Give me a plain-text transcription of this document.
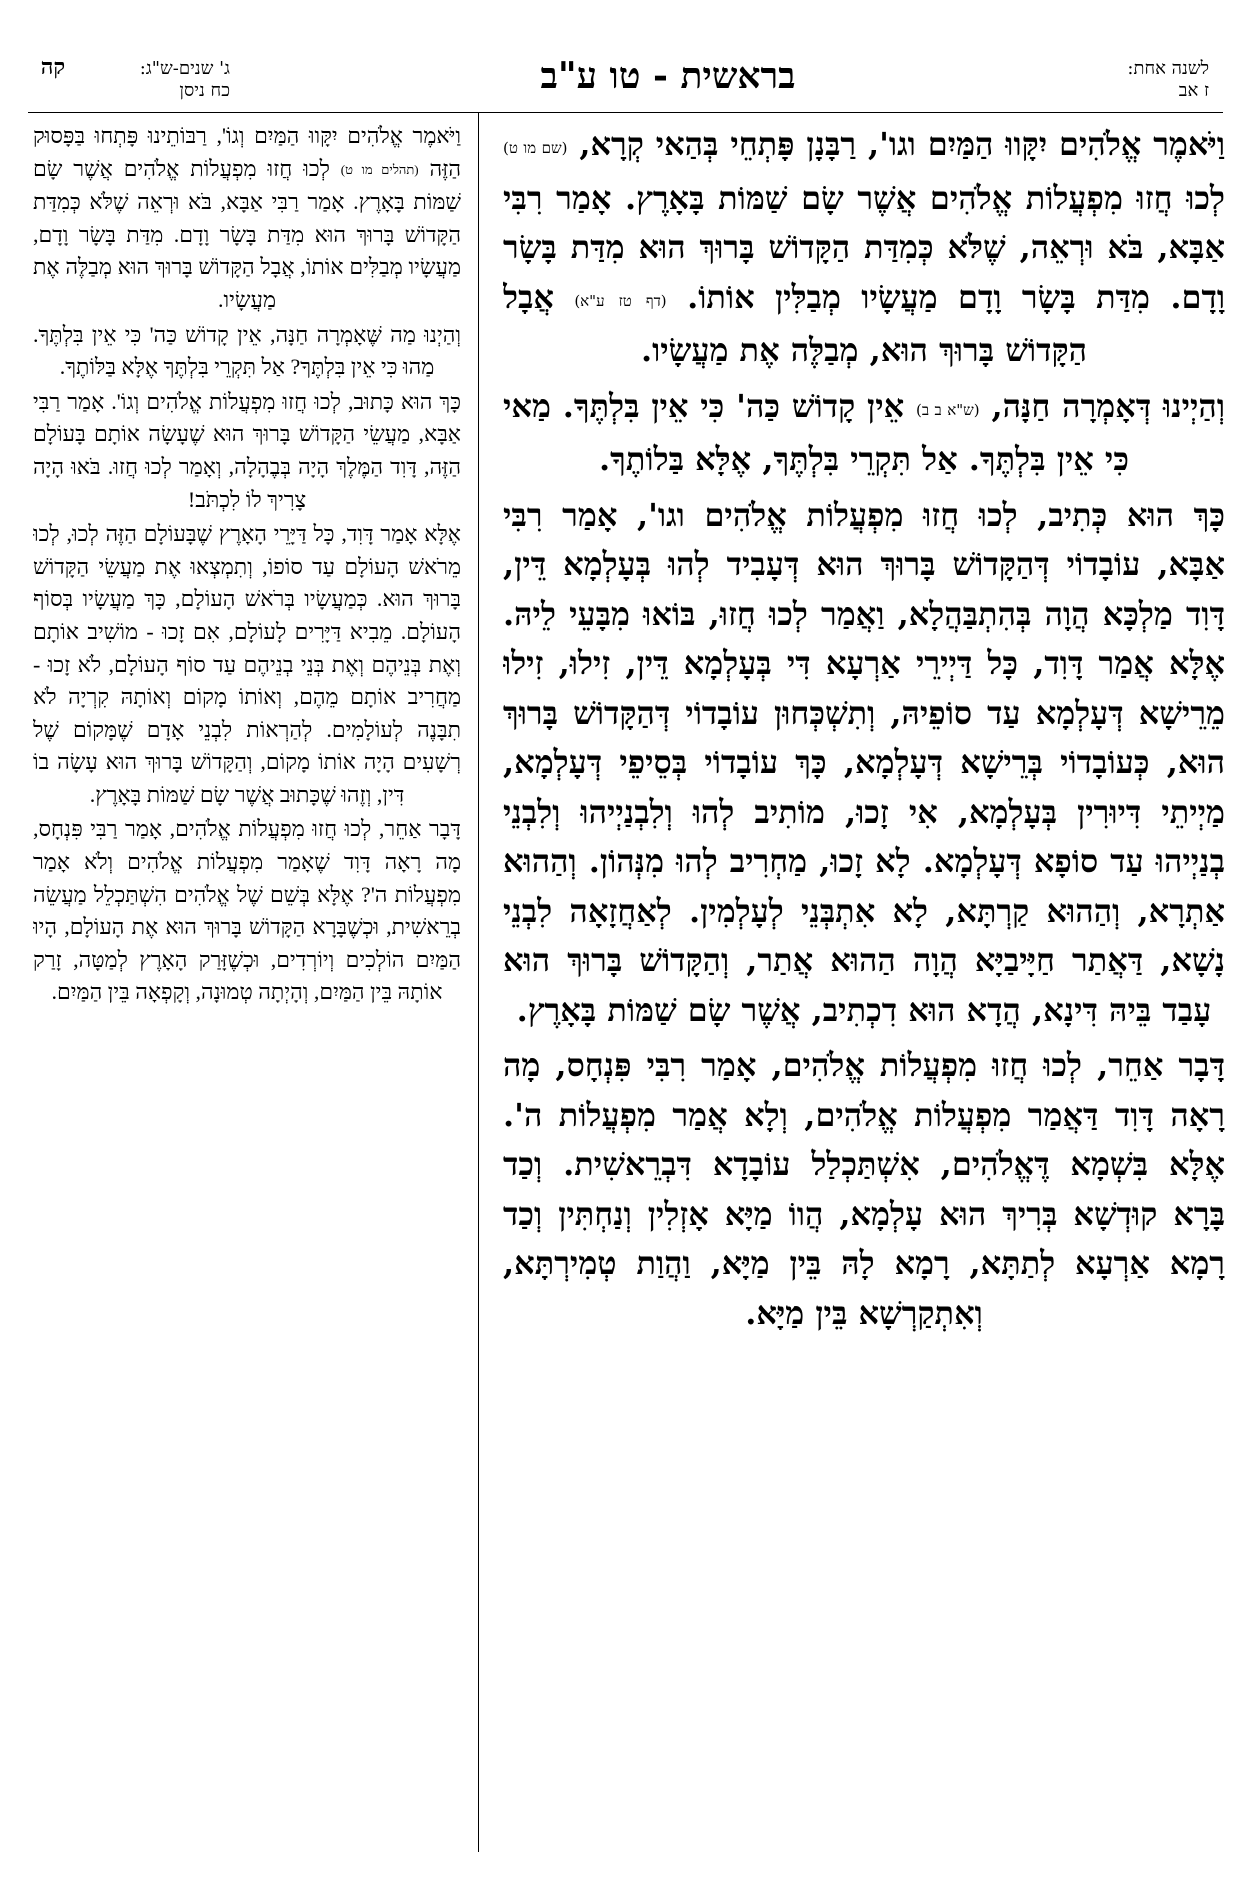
לשנה אחת:
ז אב
בראשית - טו ע"ב
ג' שנים-ש"ג:
כח ניסן
קה

וַיֹּאמֶר אֱלֹהִים יִקָּווּ הַמַּיִם וגו', רַבָּנָן פָּתְחֵי בְּהַאי קְרָא, (שם מו ט) לְכוּ חֲזוּ מִפְעֲלוֹת אֱלֹהִים אֲשֶׁר שָׂם שַׁמּוֹת בָּאָרֶץ. אָמַר רִבִּי אַבָּא, בֹּא וּרְאֵה, שֶׁלֹּא כְּמִדַּת הַקָּדוֹשׁ בָּרוּךְ הוּא מִדַּת בָּשָׂר וָדָם. מִדַּת בָּשָׂר וָדָם מַעֲשָׂיו מְבַלִּין אוֹתוֹ. (דף טז ע"א) אֲבָל הַקָּדוֹשׁ בָּרוּךְ הוּא, מְבַלֶּה אֶת מַעֲשָׂיו.

וְהַיְינוּ דְּאָמְרָה חַנָּה, (ש"א ב ב) אֵין קָדוֹשׁ כַּה' כִּי אֵין בִּלְתֶּךָ. מַאי כִּי אֵין בִּלְתֶּךָ. אַל תִּקְרֵי בִּלְתֶּךָ, אֶלָּא בַּלוֹתֶךָ.

כָּךְ הוּא כְּתִיב, לְכוּ חֲזוּ מִפְעֲלוֹת אֱלֹהִים וגו', אָמַר רִבִּי אַבָּא, עוֹבָדוֹי דְּהַקָּדוֹשׁ בָּרוּךְ הוּא דְּעָבִיד לְהוּ בְּעָלְמָא דֵּין, דָּוִד מַלְכָּא הֲוָה בְּהִתְבַּהֲלָא, וַאֲמַר לְכוּ חֲזוּ, בּוֹאוּ מִבָּעֵי לֵיהּ. אֶלָּא אֲמַר דָּוִד, כָּל דַּיְירֵי אַרְעָא דִּי בְּעָלְמָא דֵּין, זִילוּ, זִילוּ מֵרֵישָׁא דְּעָלְמָא עַד סוֹפֵיהּ, וְתִשְׁכְּחוּן עוֹבָדוֹי דְּהַקָּדוֹשׁ בָּרוּךְ הוּא, כְּעוֹבָדוֹי בְּרֵישָׁא דְּעָלְמָא, כָּךְ עוֹבָדוֹי בְּסֵיפֵי דְּעָלְמָא, מַיְיתֵי דִּיוּרִין בְּעָלְמָא, אִי זָכוּ, מוֹתִיב לְהוּ וְלִבְנַיְיהוּ וְלִבְנֵי בְנַיְיהוּ עַד סוֹפָא דְּעָלְמָא. לָא זָכוּ, מַחְרִיב לְהוּ מִנְּהוֹן. וְהַהוּא אַתְרָא, וְהַהוּא קַרְתָּא, לָא אִתְבְּנֵי לְעָלְמִין. לְאַחֲזָאָה לִבְנֵי נָשָׁא, דַּאֲתַר חַיָּיבַיָּא הֲוָה הַהוּא אֲתַר, וְהַקָּדוֹשׁ בָּרוּךְ הוּא עָבַד בֵּיהּ דִּינָא, הֲדָא הוּא דִכְתִיב, אֲשֶׁר שָׂם שַׁמּוֹת בָּאָרֶץ.

דָּבָר אַחֵר, לְכוּ חֲזוּ מִפְעֲלוֹת אֱלֹהִים, אָמַר רִבִּי פִּנְחָס, מָה רָאָה דָּוִד דַּאֲמַר מִפְעֲלוֹת אֱלֹהִים, וְלָא אֲמַר מִפְעֲלוֹת ה'. אֶלָּא בִּשְׁמָא דֶּאֱלֹהִים, אִשְׁתַּכְלַל עוֹבָדָא דִּבְרֵאשִׁית. וְכַד בָּרָא קוּדְשָׁא בְּרִיךְ הוּא עָלְמָא, הֲווֹ מַיָּא אָזְלִין וְנַחְתִּין וְכַד רָמָא אַרְעָא לְתַתָּא, רָמָא לָהּ בֵּין מַיָּא, וַהֲוַת טְמִירְתָּא, וְאִתְקַרְשָׁא בֵּין מַיָּא.

וַיֹּאמֶר אֱלֹהִים יִקָּווּ הַמַּיִם וְגוֹ', רַבּוֹתֵינוּ פָּתְחוּ בַּפָּסוּק הַזֶּה (תהלים מו ט) לְכוּ חֲזוּ מִפְעֲלוֹת אֱלֹהִים אֲשֶׁר שָׂם שַׁמּוֹת בָּאָרֶץ. אָמַר רַבִּי אַבָּא, בֹּא וּרְאֵה שֶׁלֹּא כְּמִדַּת הַקָּדוֹשׁ בָּרוּךְ הוּא מִדַּת בָּשָׂר וָדָם. מִדַּת בָּשָׂר וָדָם, מַעֲשָׂיו מְבַלִּים אוֹתוֹ, אֲבָל הַקָּדוֹשׁ בָּרוּךְ הוּא מְבַלֶּה אֶת מַעֲשָׂיו.

וְהַיְנוּ מַה שֶּׁאָמְרָה חַנָּה, אֵין קָדוֹשׁ כַּה' כִּי אֵין בִּלְתֶּךָ. מַהוּ כִּי אֵין בִּלְתֶּךָ? אַל תִּקְרֵי בִּלְתֶּךָ אֶלָּא בַּלּוֹתֶךָ.

כָּךְ הוּא כָּתוּב, לְכוּ חֲזוּ מִפְעֲלוֹת אֱלֹהִים וְגוֹ'. אָמַר רַבִּי אַבָּא, מַעֲשֵׂי הַקָּדוֹשׁ בָּרוּךְ הוּא שֶׁעָשָׂה אוֹתָם בָּעוֹלָם הַזֶּה, דָּוִד הַמֶּלֶךְ הָיָה בְּבֶהָלָה, וְאָמַר לְכוּ חֲזוּ. בֹּאוּ הָיָה צָרִיךְ לוֹ לִכְתֹּב!

אֶלָּא אָמַר דָּוִד, כָּל דַּיָּרֵי הָאָרֶץ שֶׁבָּעוֹלָם הַזֶּה לְכוּ, לְכוּ מֵרֹאשׁ הָעוֹלָם עַד סוֹפוֹ, וְתִמְצְאוּ אֶת מַעֲשֵׂי הַקָּדוֹשׁ בָּרוּךְ הוּא. כְּמַעֲשָׂיו בְּרֹאשׁ הָעוֹלָם, כָּךְ מַעֲשָׂיו בְּסוֹף הָעוֹלָם. מֵבִיא דַּיָּרִים לָעוֹלָם, אִם זָכוּ - מוֹשִׁיב אוֹתָם וְאֶת בְּנֵיהֶם וְאֶת בְּנֵי בְנֵיהֶם עַד סוֹף הָעוֹלָם, לֹא זָכוּ - מַחֲרִיב אוֹתָם מֵהֶם, וְאוֹתוֹ מָקוֹם וְאוֹתָהּ קִרְיָה לֹא תִבָּנֶה לְעוֹלָמִים. לְהַרְאוֹת לִבְנֵי אָדָם שֶׁמָּקוֹם שֶׁל רְשָׁעִים הָיָה אוֹתוֹ מָקוֹם, וְהַקָּדוֹשׁ בָּרוּךְ הוּא עָשָׂה בוֹ דִּין, וְזֶהוּ שֶׁכָּתוּב אֲשֶׁר שָׂם שַׁמּוֹת בָּאָרֶץ.

דָּבָר אַחֵר, לְכוּ חֲזוּ מִפְעֲלוֹת אֱלֹהִים, אָמַר רַבִּי פִּנְחָס, מָה רָאָה דָּוִד שֶׁאָמַר מִפְעֲלוֹת אֱלֹהִים וְלֹא אָמַר מִפְעֲלוֹת ה'? אֶלָּא בְּשֵׁם שֶׁל אֱלֹהִים הִשְׁתַּכְלֵל מַעֲשֵׂה בְרֵאשִׁית, וּכְשֶׁבָּרָא הַקָּדוֹשׁ בָּרוּךְ הוּא אֶת הָעוֹלָם, הָיוּ הַמַּיִם הוֹלְכִים וְיוֹרְדִים, וּכְשֶׁזָּרַק הָאָרֶץ לְמַטָּה, זָרַק אוֹתָהּ בֵּין הַמַּיִם, וְהָיְתָה טְמוּנָה, וְקָפְאָה בֵּין הַמַּיִם.
